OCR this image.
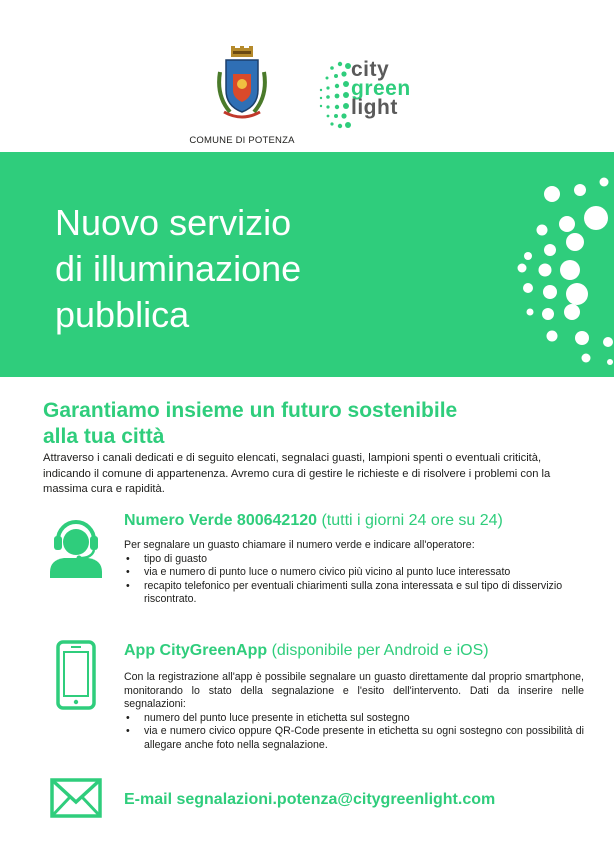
COMUNE DI POTENZA
city
green
light
Nuovo servizio
di illuminazione
pubblica
Garantiamo insieme un futuro sostenibile
alla tua città
Attraverso i canali dedicati e di seguito elencati, segnalaci guasti, lampioni spenti o eventuali criticità, indicando il comune di appartenenza. Avremo cura di gestire le richieste e di risolvere i problemi con la massima cura e rapidità.
Numero Verde 800642120 (tutti i giorni 24 ore su 24)
Per segnalare un guasto chiamare il numero verde e indicare all'operatore:
• tipo di guasto
• via e numero di punto luce o numero civico più vicino al punto luce interessato
• recapito telefonico per eventuali chiarimenti sulla zona interessata e sul tipo di disservizio riscontrato.
App CityGreenApp (disponibile per Android e iOS)
Con la registrazione all'app è possibile segnalare un guasto direttamente dal proprio smartphone, monitorando lo stato della segnalazione e l'esito dell'intervento. Dati da inserire nelle segnalazioni:
• numero del punto luce presente in etichetta sul sostegno
• via e numero civico oppure QR-Code presente in etichetta su ogni sostegno con possibilità di allegare anche foto nella segnalazione.
E-mail segnalazioni.potenza@citygreenlight.com
